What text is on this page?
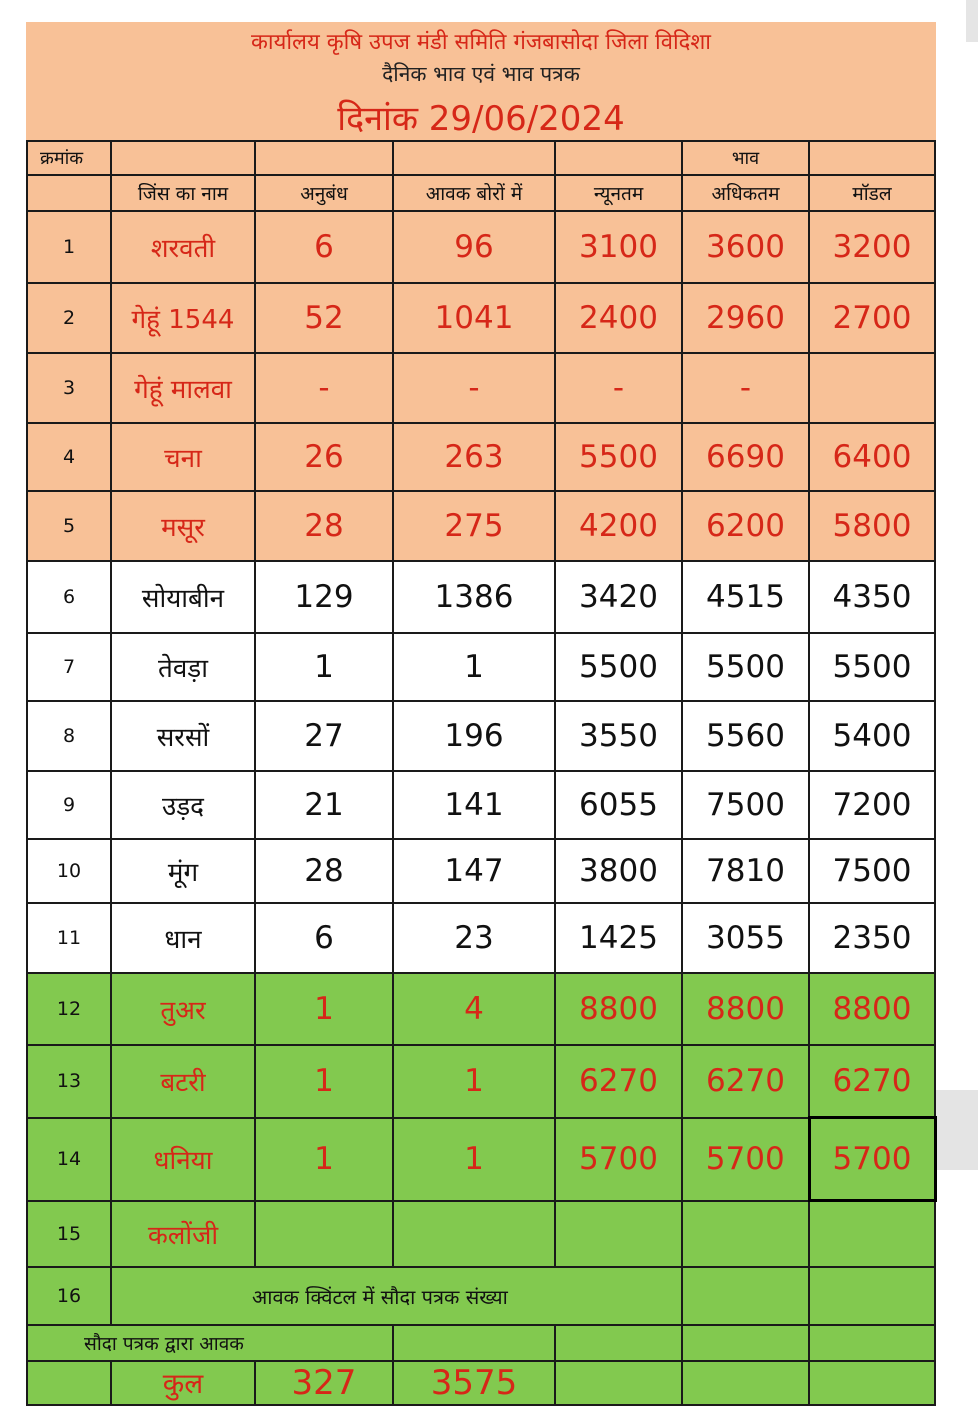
कार्यालय कृषि उपज मंडी समिति गंजबासोदा जिला विदिशा
दैनिक भाव एवं भाव पत्रक
दिनांक 29/06/2024
क्रमांक					भाव	
	जिंस का नाम	अनुबंध	आवक बोरों में	न्यूनतम	अधिकतम	मॉडल
1	शरवती	6	96	3100	3600	3200
2	गेहूं 1544	52	1041	2400	2960	2700
3	गेहूं मालवा	-	-	-	-	
4	चना	26	263	5500	6690	6400
5	मसूर	28	275	4200	6200	5800
6	सोयाबीन	129	1386	3420	4515	4350
7	तेवड़ा	1	1	5500	5500	5500
8	सरसों	27	196	3550	5560	5400
9	उड़द	21	141	6055	7500	7200
10	मूंग	28	147	3800	7810	7500
11	धान	6	23	1425	3055	2350
12	तुअर	1	4	8800	8800	8800
13	बटरी	1	1	6270	6270	6270
14	धनिया	1	1	5700	5700	5700
15	कलोंजी					
16	आवक क्विंटल में सौदा पत्रक संख्या					
सौदा पत्रक द्वारा आवक						
	कुल	327	3575			
